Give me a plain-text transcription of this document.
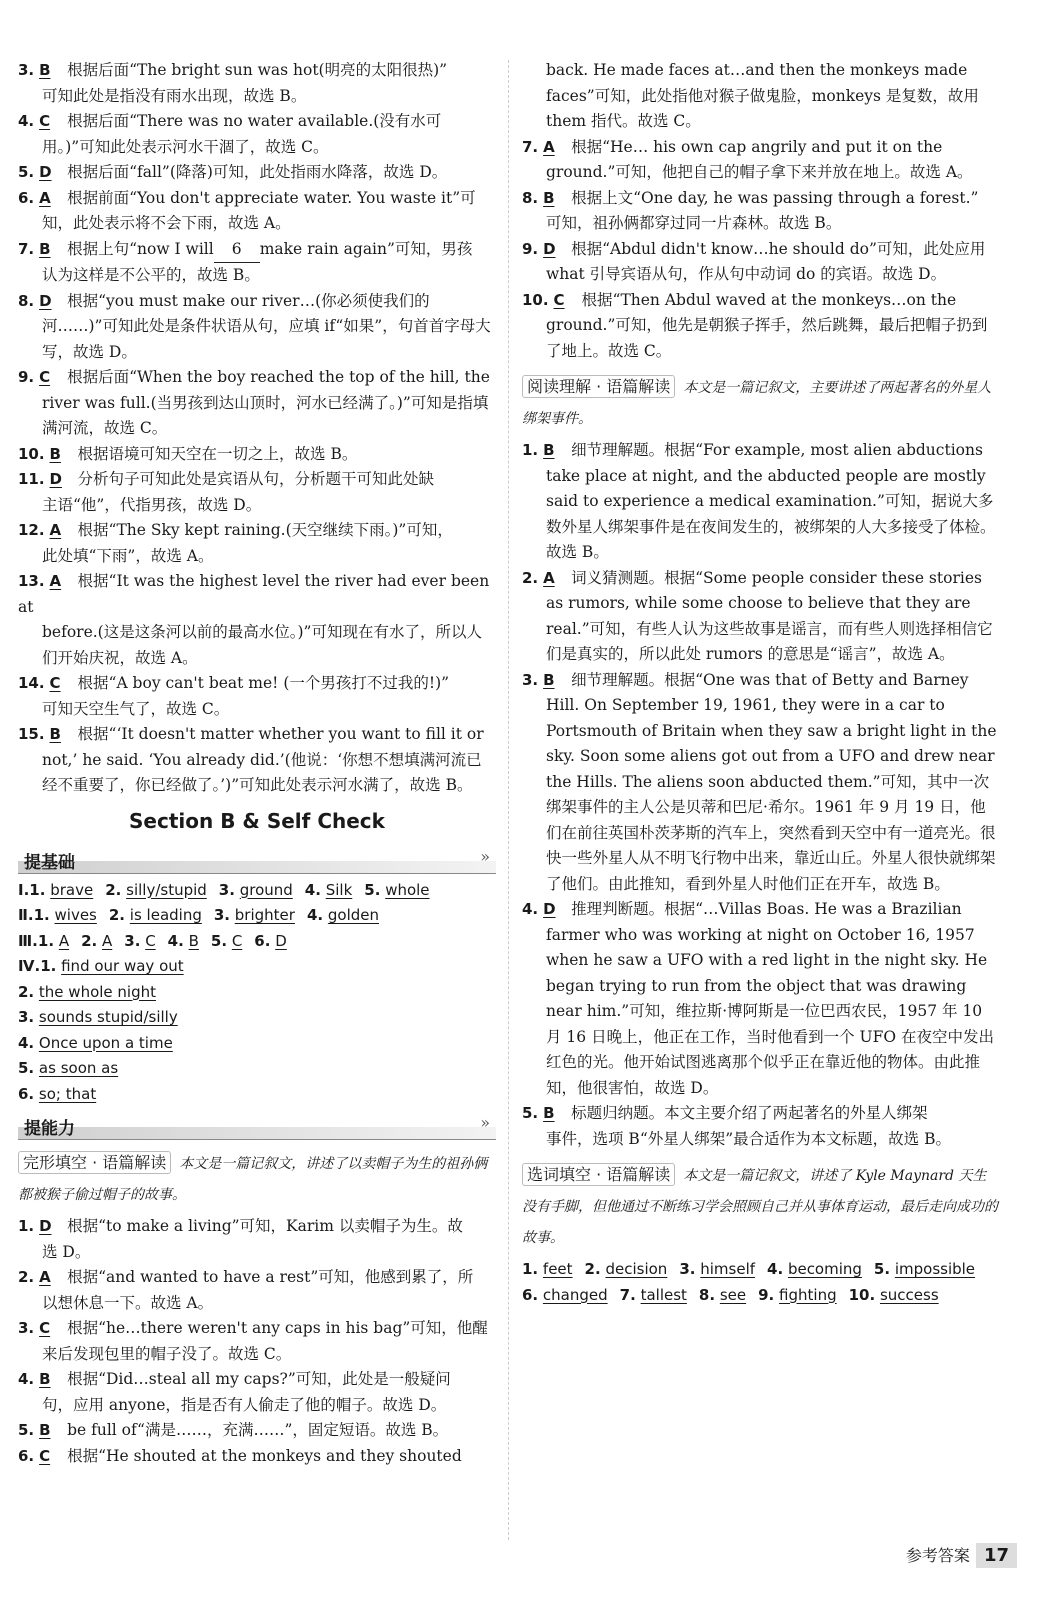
3. B 根据后面“The bright sun was hot(明亮的太阳很热)”
可知此处是指没有雨水出现，故选 B。

4. C 根据后面“There was no water available.(没有水可
用。)”可知此处表示河水干涸了，故选 C。

5. D 根据后面“fall”(降落)可知，此处指雨水降落，故选 D。

6. A 根据前面“You don't appreciate water. You waste it”可
知，此处表示将不会下雨，故选 A。

7. B 根据上句“now I will 6 make rain again”可知，男孩
认为这样是不公平的，故选 B。

8. D 根据“you must make our river…(你必须使我们的
河……)”可知此处是条件状语从句，应填 if“如果”，句首首字母大写，故选 D。

9. C 根据后面“When the boy reached the top of the hill, the
river was full.(当男孩到达山顶时，河水已经满了。)”可知是指填满河流，故选 C。

10. B 根据语境可知天空在一切之上，故选 B。

11. D 分析句子可知此处是宾语从句，分析题干可知此处缺
主语“他”，代指男孩，故选 D。

12. A 根据“The Sky kept raining.(天空继续下雨。)”可知，
此处填“下雨”，故选 A。

13. A 根据“It was the highest level the river had ever been at
before.(这是这条河以前的最高水位。)”可知现在有水了，所以人们开始庆祝，故选 A。

14. C 根据“A boy can't beat me! (一个男孩打不过我的!)”
可知天空生气了，故选 C。

15. B 根据“‘It doesn't matter whether you want to fill it or
not,’ he said. ‘You already did.’(他说：‘你想不想填满河流已经不重要了，你已经做了。’)”可知此处表示河水满了，故选 B。

Section B & Self Check
提基础	»
Ⅰ.1. brave 2. silly/stupid 3. ground 4. Silk 5. whole
Ⅱ.1. wives 2. is leading 3. brighter 4. golden
Ⅲ.1. A 2. A 3. C 4. B 5. C 6. D
Ⅳ.1. find our way out
2. the whole night
3. sounds stupid/silly
4. Once upon a time
5. as soon as
6. so; that
提能力	»
完形填空 · 语篇解读 本文是一篇记叙文，讲述了以卖帽子为生的祖孙俩都被猴子偷过帽子的故事。

1. D 根据“to make a living”可知，Karim 以卖帽子为生。故
选 D。

2. A 根据“and wanted to have a rest”可知，他感到累了，所
以想休息一下。故选 A。

3. C 根据“he…there weren't any caps in his bag”可知，他醒
来后发现包里的帽子没了。故选 C。

4. B 根据“Did…steal all my caps?”可知，此处是一般疑问
句，应用 anyone，指是否有人偷走了他的帽子。故选 D。

5. B be full of“满是……，充满……”，固定短语。故选 B。

6. C 根据“He shouted at the monkeys and they shouted

back. He made faces at…and then the monkeys made faces”可知，此处指他对猴子做鬼脸，monkeys 是复数，故用 them 指代。故选 C。

7. A 根据“He… his own cap angrily and put it on the
ground.”可知，他把自己的帽子拿下来并放在地上。故选 A。

8. B 根据上文“One day, he was passing through a forest.”
可知，祖孙俩都穿过同一片森林。故选 B。

9. D 根据“Abdul didn't know…he should do”可知，此处应用
what 引导宾语从句，作从句中动词 do 的宾语。故选 D。

10. C 根据“Then Abdul waved at the monkeys…on the
ground.”可知，他先是朝猴子挥手，然后跳舞，最后把帽子扔到了地上。故选 C。

阅读理解 · 语篇解读 本文是一篇记叙文，主要讲述了两起著名的外星人绑架事件。

1. B 细节理解题。根据“For example, most alien abductions
take place at night, and the abducted people are mostly said to experience a medical examination.”可知，据说大多数外星人绑架事件是在夜间发生的，被绑架的人大多接受了体检。故选 B。

2. A 词义猜测题。根据“Some people consider these stories
as rumors, while some choose to believe that they are real.”可知，有些人认为这些故事是谣言，而有些人则选择相信它们是真实的，所以此处 rumors 的意思是“谣言”，故选 A。

3. B 细节理解题。根据“One was that of Betty and Barney
Hill. On September 19, 1961, they were in a car to Portsmouth of Britain when they saw a bright light in the sky. Soon some aliens got out from a UFO and drew near the Hills. The aliens soon abducted them.”可知，其中一次绑架事件的主人公是贝蒂和巴尼·希尔。1961 年 9 月 19 日，他们在前往英国朴茨茅斯的汽车上，突然看到天空中有一道亮光。很快一些外星人从不明飞行物中出来，靠近山丘。外星人很快就绑架了他们。由此推知，看到外星人时他们正在开车，故选 B。

4. D 推理判断题。根据“…Villas Boas. He was a Brazilian
farmer who was working at night on October 16, 1957 when he saw a UFO with a red light in the night sky. He began trying to run from the object that was drawing near him.”可知，维拉斯·博阿斯是一位巴西农民，1957 年 10 月 16 日晚上，他正在工作，当时他看到一个 UFO 在夜空中发出红色的光。他开始试图逃离那个似乎正在靠近他的物体。由此推知，他很害怕，故选 D。

5. B 标题归纳题。本文主要介绍了两起著名的外星人绑架
事件，选项 B“外星人绑架”最合适作为本文标题，故选 B。

选词填空 · 语篇解读 本文是一篇记叙文，讲述了 Kyle Maynard 天生没有手脚，但他通过不断练习学会照顾自己并从事体育运动，最后走向成功的故事。
1. feet 2. decision 3. himself 4. becoming 5. impossible
6. changed 7. tallest 8. see 9. fighting 10. success
参考答案 17
